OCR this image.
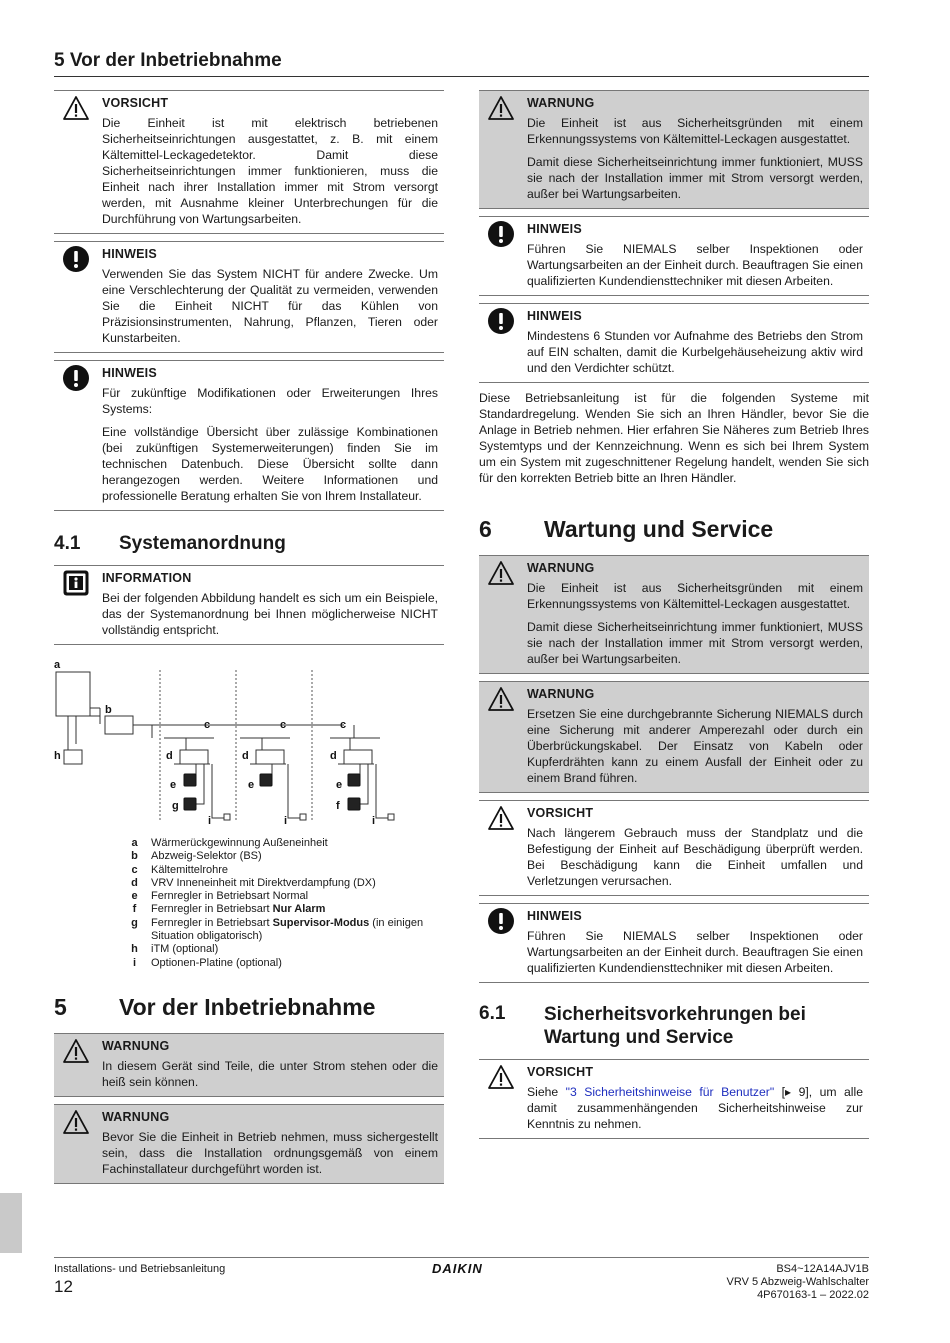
5 Vor der Inbetriebnahme
VORSICHT

Die Einheit ist mit elektrisch betriebenen Sicherheitseinrichtungen ausgestattet, z. B. mit einem Kältemittel-Leckagedetektor. Damit diese Sicherheitseinrichtungen immer funktionieren, muss die Einheit nach ihrer Installation immer mit Strom versorgt werden, mit Ausnahme kleiner Unterbrechungen für die Durchführung von Wartungsarbeiten.

HINWEIS

Verwenden Sie das System NICHT für andere Zwecke. Um eine Verschlechterung der Qualität zu vermeiden, verwenden Sie die Einheit NICHT für das Kühlen von Präzisionsinstrumenten, Nahrung, Pflanzen, Tieren oder Kunstarbeiten.

HINWEIS

Für zukünftige Modifikationen oder Erweiterungen Ihres Systems:

Eine vollständige Übersicht über zulässige Kombinationen (bei zukünftigen Systemerweiterungen) finden Sie im technischen Datenbuch. Diese Übersicht sollte dann herangezogen werden. Weitere Informationen und professionelle Beratung erhalten Sie von Ihrem Installateur.

4.1	Systemanordnung
INFORMATION

Bei der folgenden Abbildung handelt es sich um ein Beispiele, das der Systemanordnung bei Ihnen möglicherweise NICHT vollständig entspricht.

a
b
c	c	c
h	d	d	d
e	e	e
g	f
i	i	i
a	Wärmerückgewinnung Außeneinheit
b	Abzweig-Selektor (BS)
c	Kältemittelrohre
d	VRV Inneneinheit mit Direktverdampfung (DX)
e	Fernregler in Betriebsart Normal
f	Fernregler in Betriebsart Nur Alarm
g	Fernregler in Betriebsart Supervisor-Modus (in einigen Situation obligatorisch)
h	iTM (optional)
i	Optionen-Platine (optional)
5	Vor der Inbetriebnahme
WARNUNG

In diesem Gerät sind Teile, die unter Strom stehen oder die heiß sein können.

WARNUNG

Bevor Sie die Einheit in Betrieb nehmen, muss sichergestellt sein, dass die Installation ordnungsgemäß von einem Fachinstallateur durchgeführt worden ist.

WARNUNG

Die Einheit ist aus Sicherheitsgründen mit einem Erkennungssystems von Kältemittel-Leckagen ausgestattet.

Damit diese Sicherheitseinrichtung immer funktioniert, MUSS sie nach der Installation immer mit Strom versorgt werden, außer bei Wartungsarbeiten.

HINWEIS

Führen Sie NIEMALS selber Inspektionen oder Wartungsarbeiten an der Einheit durch. Beauftragen Sie einen qualifizierten Kundendiensttechniker mit diesen Arbeiten.

HINWEIS

Mindestens 6 Stunden vor Aufnahme des Betriebs den Strom auf EIN schalten, damit die Kurbelgehäuseheizung aktiv wird und den Verdichter schützt.

Diese Betriebsanleitung ist für die folgenden Systeme mit Standardregelung. Wenden Sie sich an Ihren Händler, bevor Sie die Anlage in Betrieb nehmen. Hier erfahren Sie Näheres zum Betrieb Ihres Systemtyps und der Kennzeichnung. Wenn es sich bei Ihrem System um ein System mit zugeschnittener Regelung handelt, wenden Sie sich für den korrekten Betrieb bitte an Ihren Händler.

6	Wartung und Service
WARNUNG

Die Einheit ist aus Sicherheitsgründen mit einem Erkennungssystems von Kältemittel-Leckagen ausgestattet.

Damit diese Sicherheitseinrichtung immer funktioniert, MUSS sie nach der Installation immer mit Strom versorgt werden, außer bei Wartungsarbeiten.

WARNUNG

Ersetzen Sie eine durchgebrannte Sicherung NIEMALS durch eine Sicherung mit anderer Amperezahl oder durch ein Überbrückungskabel. Der Einsatz von Kabeln oder Kupferdrähten kann zu einem Ausfall der Einheit oder zu einem Brand führen.

VORSICHT

Nach längerem Gebrauch muss der Standplatz und die Befestigung der Einheit auf Beschädigung überprüft werden. Bei Beschädigung kann die Einheit umfallen und Verletzungen verursachen.

HINWEIS

Führen Sie NIEMALS selber Inspektionen oder Wartungsarbeiten an der Einheit durch. Beauftragen Sie einen qualifizierten Kundendiensttechniker mit diesen Arbeiten.

6.1	Sicherheitsvorkehrungen bei Wartung und Service
VORSICHT

Siehe "3 Sicherheitshinweise für Benutzer" [▸ 9], um alle damit zusammenhängenden Sicherheitshinweise zur Kenntnis zu nehmen.

Installations- und Betriebsanleitung
12
DAIKIN	BS4~12A14AJV1B
VRV 5 Abzweig-Wahlschalter
4P670163-1 – 2022.02
